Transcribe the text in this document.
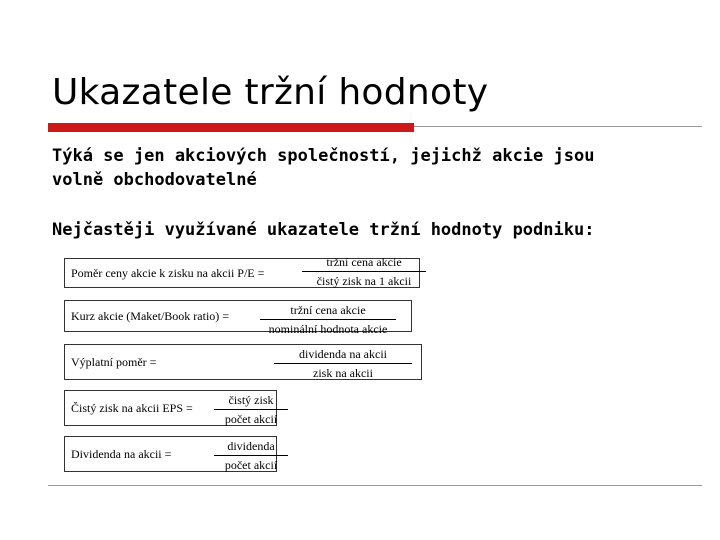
Ukazatele tržní hodnoty
Týká se jen akciových společností, jejichž akcie jsou
volně obchodovatelné
Nejčastěji využívané ukazatele tržní hodnoty podniku:
Poměr ceny akcie k zisku na akcii P/E =
tržní cena akcie
čistý zisk na 1 akcii
Kurz akcie (Maket/Book ratio) =	tržní cena akcie
nominální hodnota akcie
Výplatní poměr =
dividenda na akcii
zisk na akcii
Čistý zisk na akcii EPS =
čistý zisk
počet akcií
Dividenda na akcii =
dividenda
počet akcií
